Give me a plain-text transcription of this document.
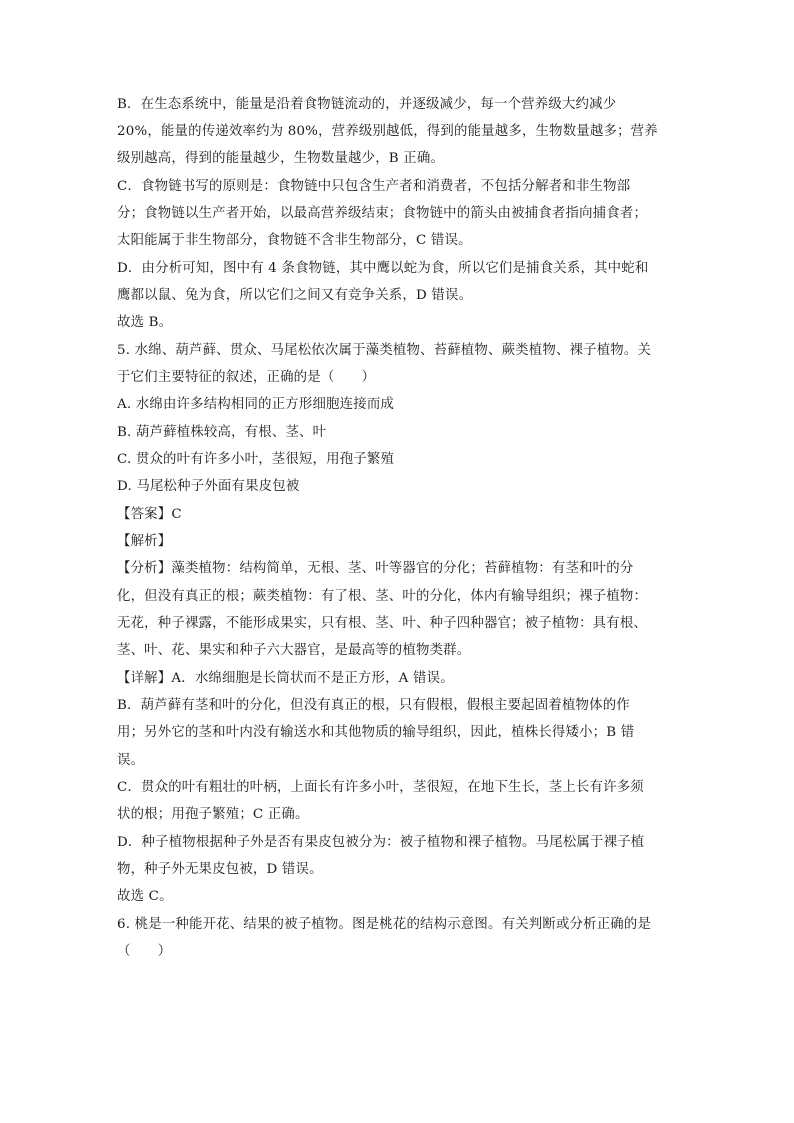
B．在生态系统中，能量是沿着食物链流动的，并逐级减少，每一个营养级大约减少
20%，能量的传递效率约为 80%，营养级别越低，得到的能量越多，生物数量越多；营养
级别越高，得到的能量越少，生物数量越少，B 正确。
C．食物链书写的原则是：食物链中只包含生产者和消费者，不包括分解者和非生物部
分；食物链以生产者开始，以最高营养级结束；食物链中的箭头由被捕食者指向捕食者；
太阳能属于非生物部分，食物链不含非生物部分，C 错误。
D．由分析可知，图中有 4 条食物链，其中鹰以蛇为食，所以它们是捕食关系，其中蛇和
鹰都以鼠、兔为食，所以它们之间又有竞争关系，D 错误。
故选 B。
5. 水绵、葫芦藓、贯众、马尾松依次属于藻类植物、苔藓植物、蕨类植物、裸子植物。关
于它们主要特征的叙述，正确的是（　　）
A. 水绵由许多结构相同的正方形细胞连接而成
B. 葫芦藓植株较高，有根、茎、叶
C. 贯众的叶有许多小叶，茎很短，用孢子繁殖
D. 马尾松种子外面有果皮包被
【答案】C
【解析】
【分析】藻类植物：结构简单，无根、茎、叶等器官的分化；苔藓植物：有茎和叶的分
化，但没有真正的根；蕨类植物：有了根、茎、叶的分化，体内有输导组织；裸子植物：
无花，种子裸露，不能形成果实，只有根、茎、叶、种子四种器官；被子植物：具有根、
茎、叶、花、果实和种子六大器官，是最高等的植物类群。
【详解】A．水绵细胞是长筒状而不是正方形，A 错误。
B．葫芦藓有茎和叶的分化，但没有真正的根，只有假根，假根主要起固着植物体的作
用；另外它的茎和叶内没有输送水和其他物质的输导组织，因此，植株长得矮小；B 错
误。
C．贯众的叶有粗壮的叶柄，上面长有许多小叶，茎很短，在地下生长，茎上长有许多须
状的根；用孢子繁殖；C 正确。
D．种子植物根据种子外是否有果皮包被分为：被子植物和裸子植物。马尾松属于裸子植
物，种子外无果皮包被，D 错误。
故选 C。
6. 桃是一种能开花、结果的被子植物。图是桃花的结构示意图。有关判断或分析正确的是
（　　）
